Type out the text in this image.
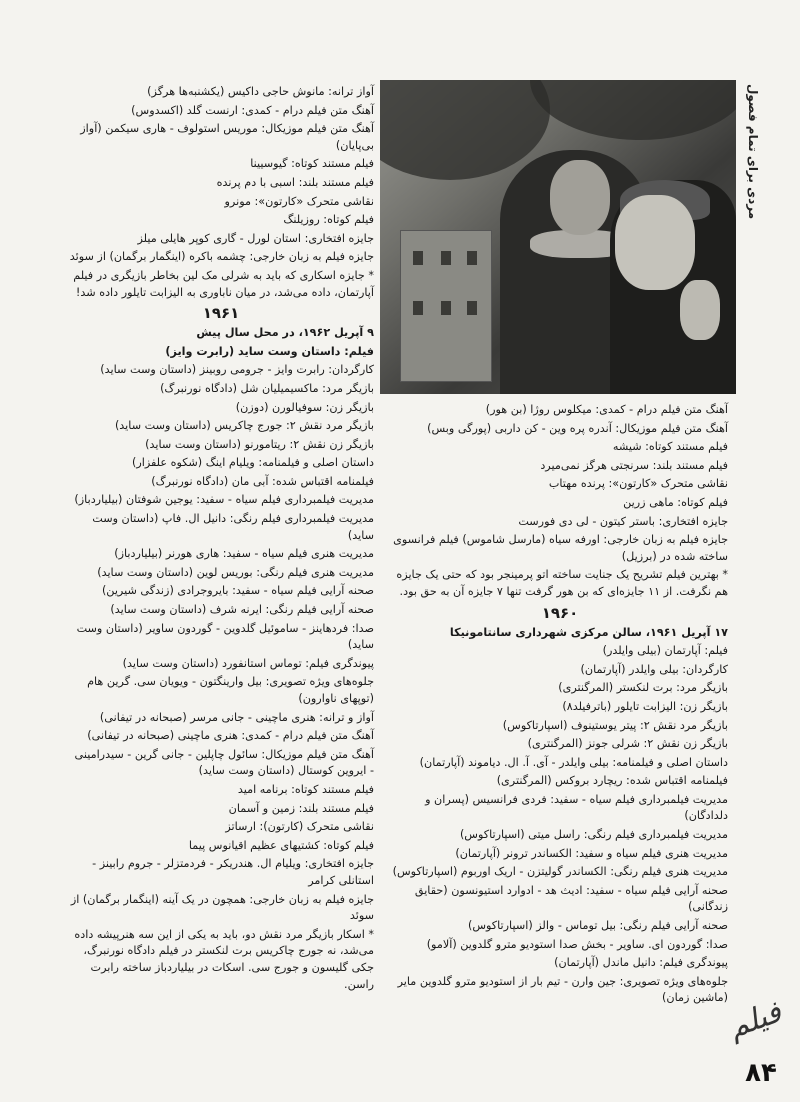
مردی برای تمام فصول

آواز ترانه: مانوش حاجی داکیس (یکشنبه‌ها هرگز)

آهنگ متن فیلم درام - کمدی: ارنست گلد (اکسدوس)

آهنگ متن فیلم موزیکال: موریس استولوف - هاری سیکمن (آواز بی‌پایان)

فیلم مستند کوتاه: گیوسیینا

فیلم مستند بلند: اسبی با دم پرنده

نقاشی متحرک «کارتون»: مونرو

فیلم کوتاه: روزیلنگ

جایزه افتخاری: استان لورل - گاری کوپر هایلی میلز

جایزه فیلم به زبان خارجی: چشمه باکره (اینگمار برگمان) از سوئد

* جایزه اسکاری که باید به شرلی مک لین بخاطر بازیگری در فیلم آپارتمان، داده می‌شد، در میان ناباوری به الیزابت تایلور داده شد!

۱۹۶۱

۹ آپریل ۱۹۶۲، در محل سال پیش

فیلم: داستان وست ساید (رابرت وایز)

کارگردان: رابرت وایز - جرومی روبینز (داستان وست ساید)

بازیگر مرد: ماکسیمیلیان شل (دادگاه نورنبرگ)

بازیگر زن: سوفیالورن (دوزن)

بازیگر مرد نقش ۲: جورج چاکریس (داستان وست ساید)

بازیگر زن نقش ۲: ریتامورنو (داستان وست ساید)

داستان اصلی و فیلمنامه: ویلیام اینگ (شکوه علفزار)

فیلمنامه اقتباس شده: آبی مان (دادگاه نورنبرگ)

مدیریت فیلمبرداری فیلم سیاه - سفید: یوجین شوفتان (بیلیاردباز)

مدیریت فیلمبرداری فیلم رنگی: دانیل ال. فاپ (داستان وست ساید)

مدیریت هنری فیلم سیاه - سفید: هاری هورنر (بیلیاردباز)

مدیریت هنری فیلم رنگی: بوریس لوین (داستان وست ساید)

صحنه آرایی فیلم سیاه - سفید: بایروجرادی (زندگی شیرین)

صحنه آرایی فیلم رنگی: ایرنه شرف (داستان وست ساید)

صدا: فردهاینز - ساموئیل گلدوین - گوردون ساویر (داستان وست ساید)

پیوندگری فیلم: توماس استانفورد (داستان وست ساید)

جلوه‌های ویژه تصویری: بیل وارینگتون - ویویان سی. گرین هام (توپهای ناوارون)

آواز و ترانه: هنری ماچینی - جانی مرسر (صبحانه در تیفانی)

آهنگ متن فیلم درام - کمدی: هنری ماچینی (صبحانه در تیفانی)

آهنگ متن فیلم موزیکال: سائول چاپلین - جانی گرین - سیدرامینی - ایروین کوستال (داستان وست ساید)

فیلم مستند کوتاه: برنامه امید

فیلم مستند بلند: زمین و آسمان

نقاشی متحرک (کارتون): ارساتز

فیلم کوتاه: کشتیهای عظیم اقیانوس پیما

جایزه افتخاری: ویلیام ال. هندریکر - فردمتزلر - جروم رابینز - استانلی کرامر

جایزه فیلم به زبان خارجی: همچون در یک آینه (اینگمار برگمان) از سوئد

* اسکار بازیگر مرد نقش دو، باید به یکی از این سه هنرپیشه داده می‌شد، نه جورج چاکریس برت لنکستر در فیلم دادگاه نورنبرگ، جکی گلیسون و جورج سی. اسکات در بیلیاردباز ساخته رابرت راسن.

آهنگ متن فیلم درام - کمدی: میکلوس روژا (بن هور)

آهنگ متن فیلم موزیکال: آندره پره وین - کن داربی (پورگی وبس)

فیلم مستند کوتاه: شیشه

فیلم مستند بلند: سرنجتی هرگز نمی‌میرد

نقاشی متحرک «کارتون»: پرنده مهتاب

فیلم کوتاه: ماهی زرین

جایزه افتخاری: باستر کیتون - لی دی فورست

جایزه فیلم به زبان خارجی: اورفه سیاه (مارسل شاموس) فیلم فرانسوی ساخته شده در (برزیل)

* بهترین فیلم تشریح یک جنایت ساخته اتو پرمینجر بود که حتی یک جایزه هم نگرفت. از ۱۱ جایزه‌ای که بن هور گرفت تنها ۷ جایزه آن به حق بود.

۱۹۶۰

۱۷ آپریل ۱۹۶۱، سالن مرکزی شهرداری سانتامونیکا

فیلم: آپارتمان (بیلی وایلدر)

کارگردان: بیلی وایلدر (آپارتمان)

بازیگر مرد: برت لنکستر (المرگنتری)

بازیگر زن: الیزابت تایلور (باترفیلد۸)

بازیگر مرد نقش ۲: پیتر یوستینوف (اسپارتاکوس)

بازیگر زن نقش ۲: شرلی جونز (المرگنتری)

داستان اصلی و فیلمنامه: بیلی وایلدر - آی. آ. ال. دیاموند (آپارتمان)

فیلمنامه اقتباس شده: ریچارد بروکس (المرگنتری)

مدیریت فیلمبرداری فیلم سیاه - سفید: فردی فرانسیس (پسران و دلدادگان)

مدیریت فیلمبرداری فیلم رنگی: راسل میتی (اسپارتاکوس)

مدیریت هنری فیلم سیاه و سفید: الکساندر ترونر (آپارتمان)

مدیریت هنری فیلم رنگی: الکساندر گولیتزن - اریک اوربوم (اسپارتاکوس)

صحنه آرایی فیلم سیاه - سفید: ادیث هد - ادوارد استیونسون (حقایق زندگانی)

صحنه آرایی فیلم رنگی: بیل توماس - والز (اسپارتاکوس)

صدا: گوردون ای. ساویر - بخش صدا استودیو مترو گلدوین (آلامو)

پیوندگری فیلم: دانیل ماندل (آپارتمان)

جلوه‌های ویژه تصویری: جین وارن - تیم بار از استودیو مترو گلدوین مایر (ماشین زمان)

فیلم
۸۴
